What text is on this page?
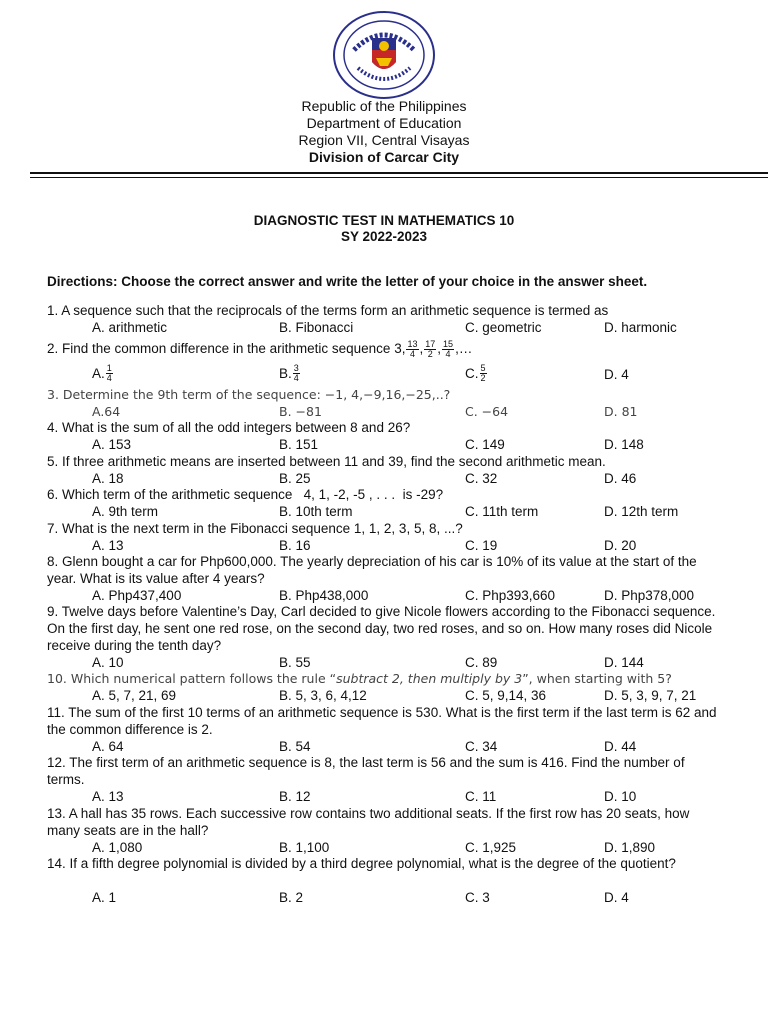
Republic of the Philippines
Department of Education
Region VII, Central Visayas
Division of Carcar City
DIAGNOSTIC TEST IN MATHEMATICS 10
SY 2022-2023
Directions: Choose the correct answer and write the letter of your choice in the answer sheet.
1. A sequence such that the reciprocals of the terms form an arithmetic sequence is termed as
A. arithmetic	B. Fibonacci	C. geometric	D. harmonic
2. Find the common difference in the arithmetic sequence
3, $\frac{13}{4}$ , $\frac{17}{2}$ , $\frac{15}{4}$ ,…
A. $\frac{1}{4}$	B. $\frac{3}{4}$	C. $\frac{5}{2}$	D. 4
3. Determine the 9th term of the sequence: −1, 4,−9,16,−25,..?
A.64	B. −81	C. −64	D. 81
4. What is the sum of all the odd integers between 8 and 26?
A. 153	B. 151	C. 149	D. 148
5. If three arithmetic means are inserted between 11 and 39, find the second arithmetic mean.
A. 18	B. 25	C. 32	D. 46
6. Which term of the arithmetic sequence   4, 1, -2, -5 , . . .  is -29?
A. 9th term	B. 10th term	C. 11th term	D. 12th term
7. What is the next term in the Fibonacci sequence 1, 1, 2, 3, 5, 8, ...?
A. 13	B. 16	C. 19	D. 20
8. Glenn bought a car for Php600,000. The yearly depreciation of his car is 10% of its value at the start of the year. What is its value after 4 years?
A. Php437,400	B. Php438,000	C. Php393,660	D. Php378,000
9. Twelve days before Valentine’s Day, Carl decided to give Nicole flowers according to the Fibonacci sequence. On the first day, he sent one red rose, on the second day, two red roses, and so on. How many roses did Nicole receive during the tenth day?
A. 10	B. 55	C. 89	D. 144
10. Which numerical pattern follows the rule “subtract 2, then multiply by 3”, when starting with 5?
A. 5, 7, 21, 69	B. 5, 3, 6, 4,12	C. 5, 9,14, 36	D. 5, 3, 9, 7, 21
11. The sum of the first 10 terms of an arithmetic sequence is 530. What is the first term if the last term is 62 and the common difference is 2.
A. 64	B. 54	C. 34	D. 44
12. The first term of an arithmetic sequence is 8, the last term is 56 and the sum is 416. Find the number of terms.
A. 13	B. 12	C. 11	D. 10
13. A hall has 35 rows. Each successive row contains two additional seats. If the first row has 20 seats, how many seats are in the hall?
A. 1,080	B. 1,100	C. 1,925	D. 1,890
14. If a fifth degree polynomial is divided by a third degree polynomial, what is the degree of the quotient?
A. 1	B. 2	C. 3	D. 4
